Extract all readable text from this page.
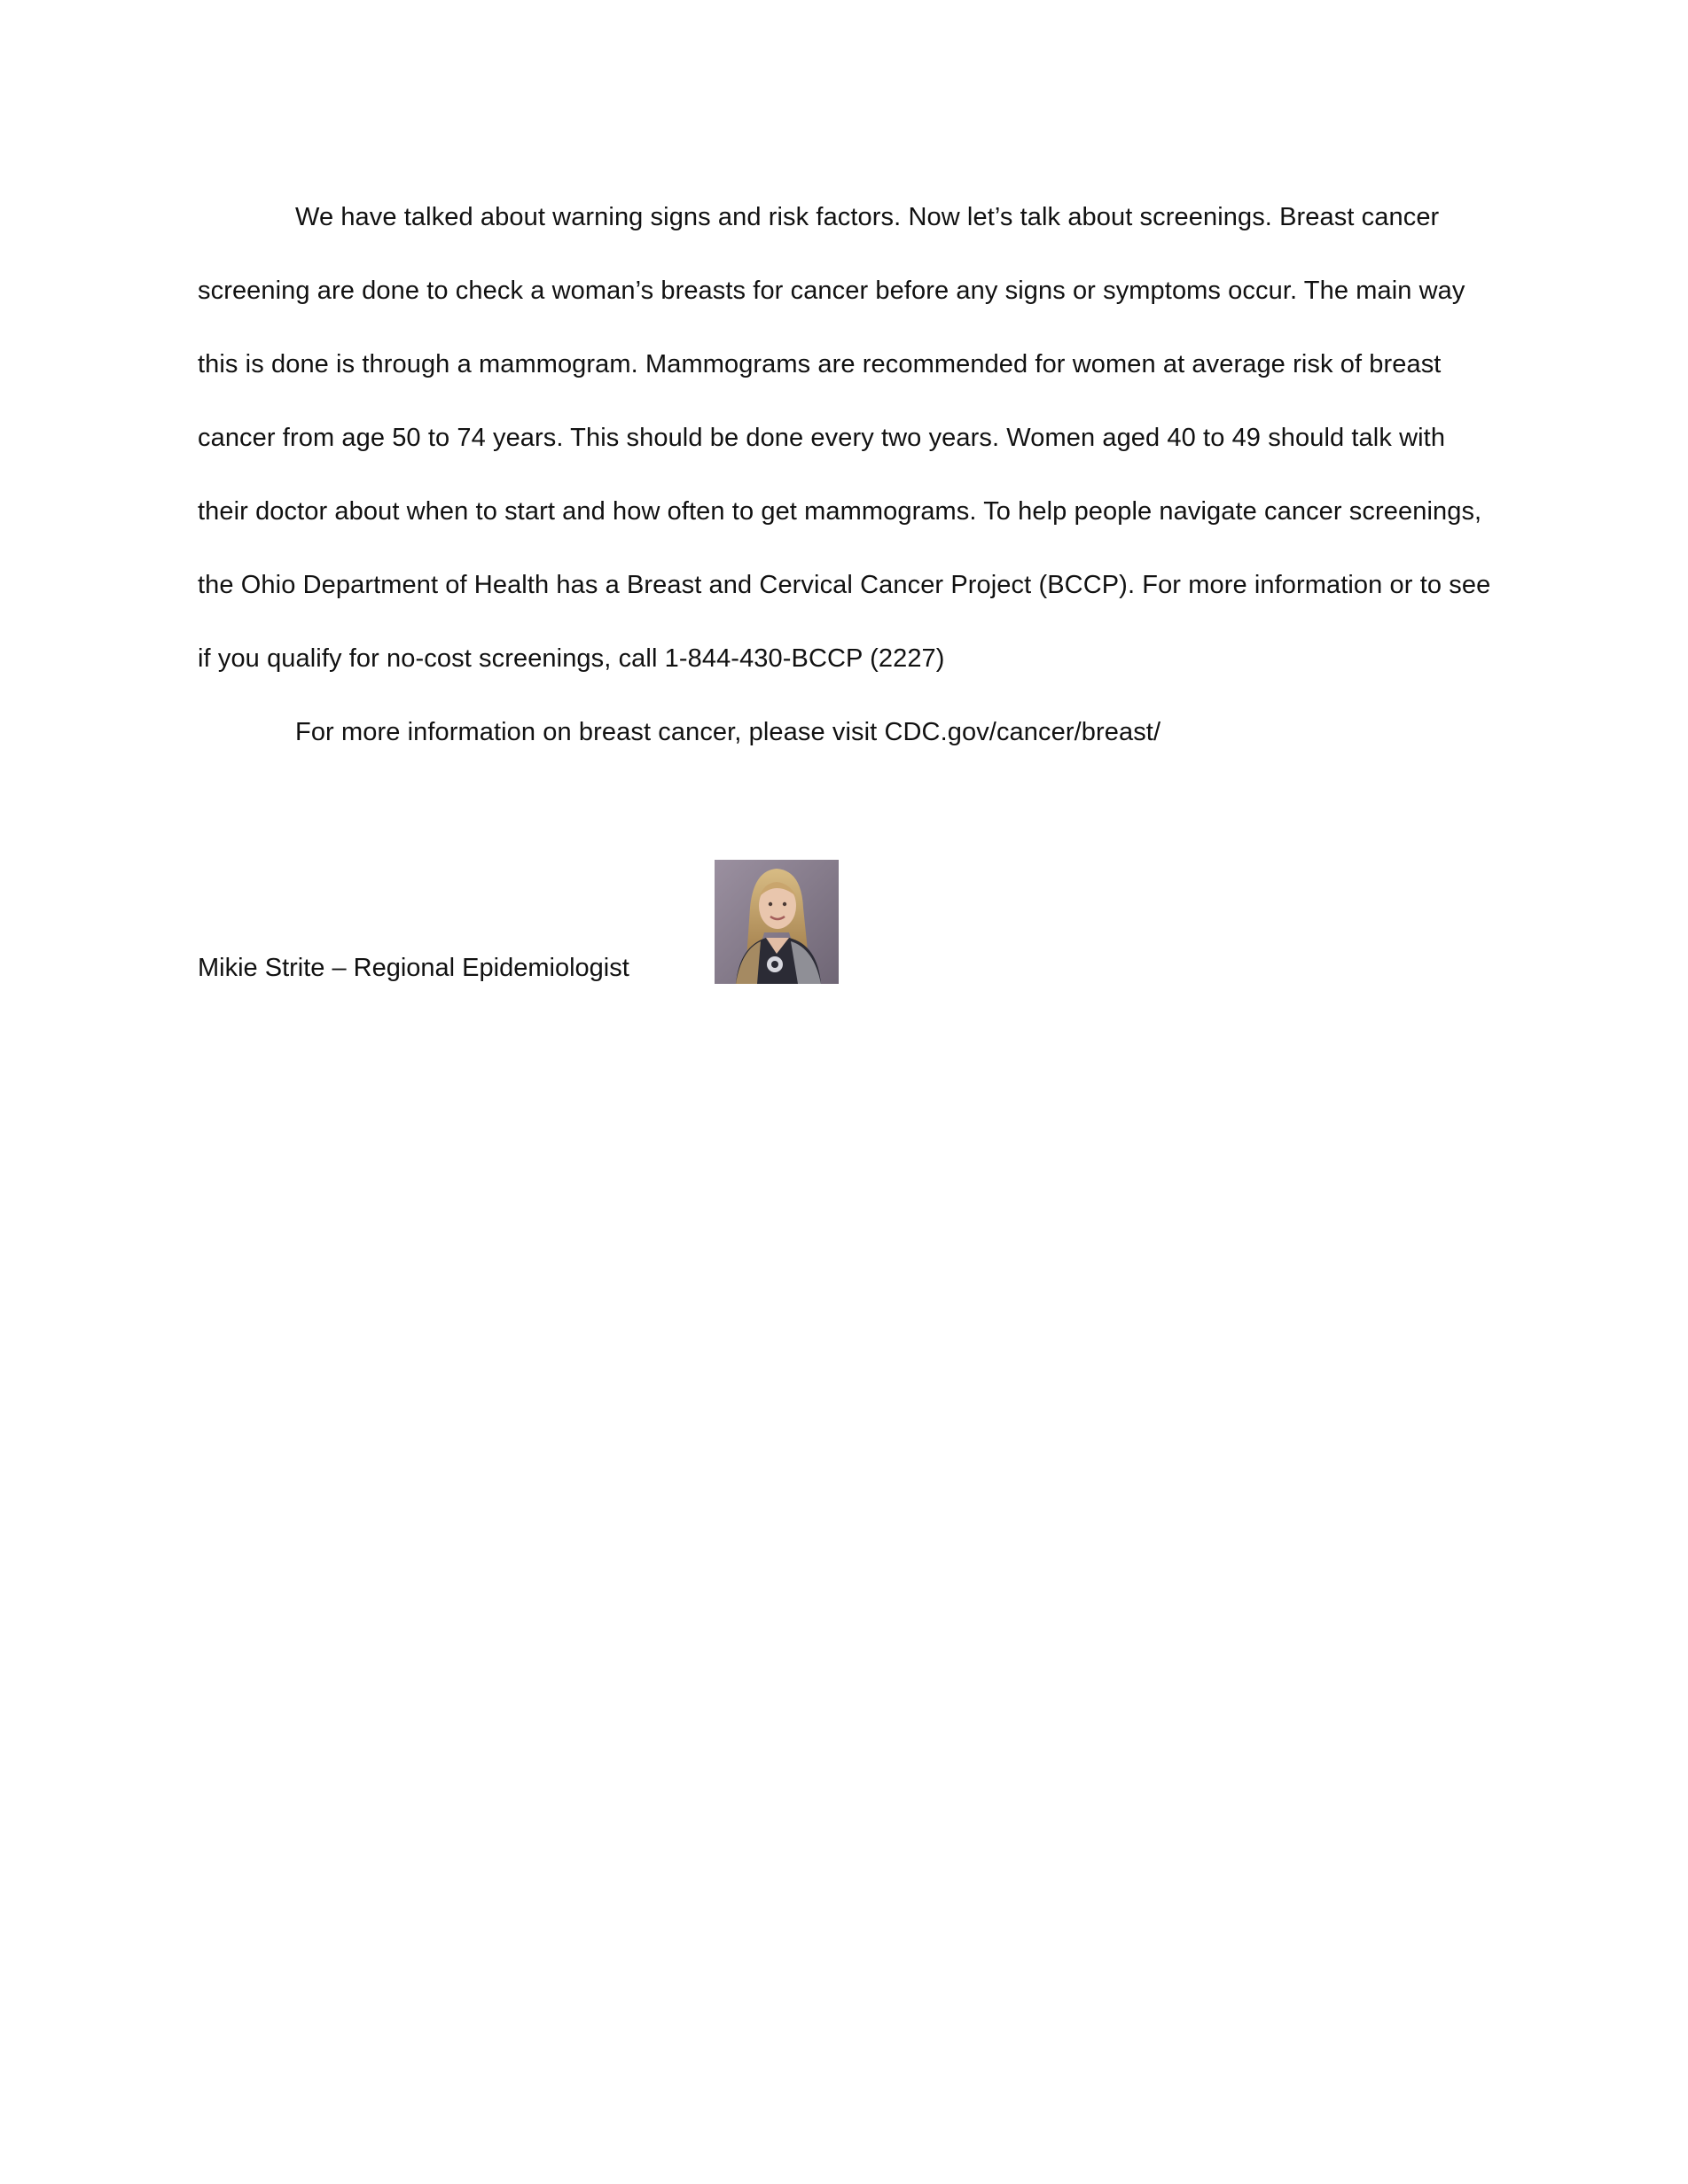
We have talked about warning signs and risk factors. Now let’s talk about screenings. Breast cancer screening are done to check a woman’s breasts for cancer before any signs or symptoms occur. The main way this is done is through a mammogram. Mammograms are recommended for women at average risk of breast cancer from age 50 to 74 years. This should be done every two years. Women aged 40 to 49 should talk with their doctor about when to start and how often to get mammograms. To help people navigate cancer screenings, the Ohio Department of Health has a Breast and Cervical Cancer Project (BCCP). For more information or to see if you qualify for no-cost screenings, call 1-844-430-BCCP (2227)

For more information on breast cancer, please visit CDC.gov/cancer/breast/

Mikie Strite – Regional Epidemiologist
